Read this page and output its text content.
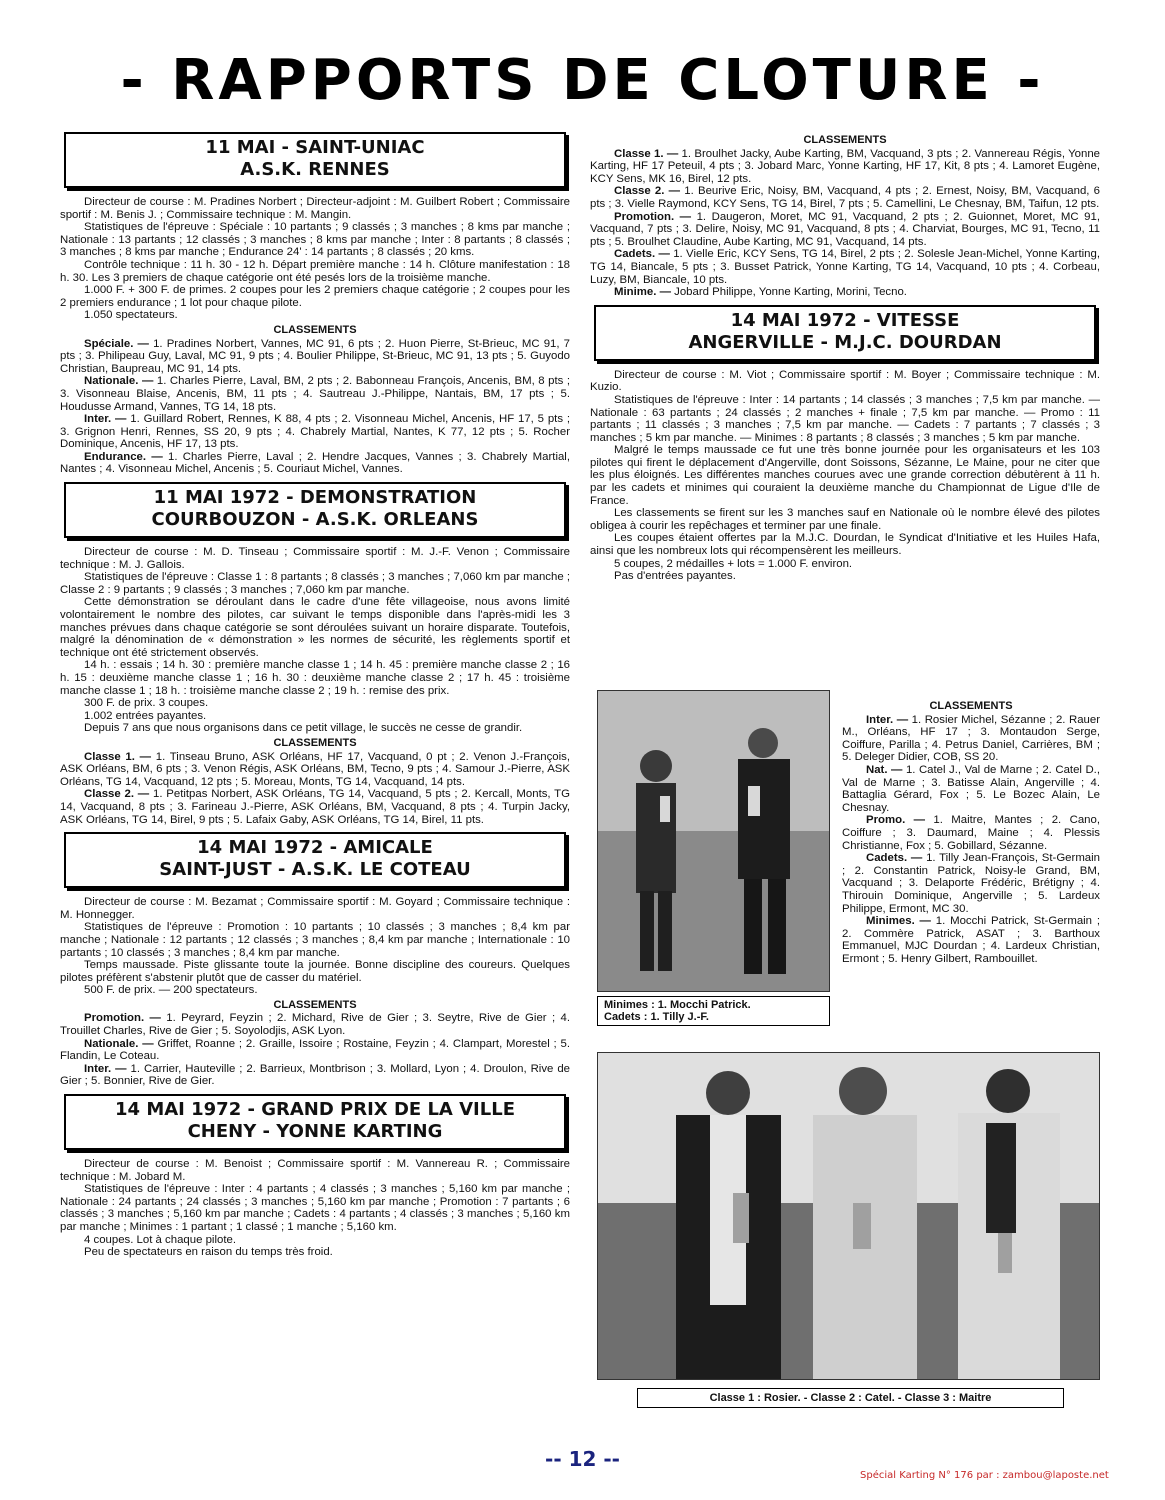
- RAPPORTS DE CLOTURE -
11 MAI - SAINT-UNIAC
A.S.K. RENNES

Directeur de course : M. Pradines Norbert ; Directeur-adjoint : M. Guilbert Robert ; Commissaire sportif : M. Benis J. ; Commissaire technique : M. Mangin.

Statistiques de l'épreuve : Spéciale : 10 partants ; 9 classés ; 3 manches ; 8 kms par manche ; Nationale : 13 partants ; 12 classés ; 3 manches ; 8 kms par manche ; Inter : 8 partants ; 8 classés ; 3 manches ; 8 kms par manche ; Endurance 24' : 14 partants ; 8 classés ; 20 kms.

Contrôle technique : 11 h. 30 - 12 h. Départ première manche : 14 h. Clôture manifestation : 18 h. 30. Les 3 premiers de chaque catégorie ont été pesés lors de la troisième manche.

1.000 F. + 300 F. de primes. 2 coupes pour les 2 premiers chaque catégorie ; 2 coupes pour les 2 premiers endurance ; 1 lot pour chaque pilote.

1.050 spectateurs.

CLASSEMENTS

Spéciale. — 1. Pradines Norbert, Vannes, MC 91, 6 pts ; 2. Huon Pierre, St-Brieuc, MC 91, 7 pts ; 3. Philipeau Guy, Laval, MC 91, 9 pts ; 4. Boulier Philippe, St-Brieuc, MC 91, 13 pts ; 5. Guyodo Christian, Baupreau, MC 91, 14 pts.

Nationale. — 1. Charles Pierre, Laval, BM, 2 pts ; 2. Babonneau François, Ancenis, BM, 8 pts ; 3. Visonneau Blaise, Ancenis, BM, 11 pts ; 4. Sautreau J.-Philippe, Nantais, BM, 17 pts ; 5. Houdusse Armand, Vannes, TG 14, 18 pts.

Inter. — 1. Guillard Robert, Rennes, K 88, 4 pts ; 2. Visonneau Michel, Ancenis, HF 17, 5 pts ; 3. Grignon Henri, Rennes, SS 20, 9 pts ; 4. Chabrely Martial, Nantes, K 77, 12 pts ; 5. Rocher Dominique, Ancenis, HF 17, 13 pts.

Endurance. — 1. Charles Pierre, Laval ; 2. Hendre Jacques, Vannes ; 3. Chabrely Martial, Nantes ; 4. Visonneau Michel, Ancenis ; 5. Couriaut Michel, Vannes.

11 MAI 1972 - DEMONSTRATION
COURBOUZON - A.S.K. ORLEANS

Directeur de course : M. D. Tinseau ; Commissaire sportif : M. J.-F. Venon ; Commissaire technique : M. J. Gallois.

Statistiques de l'épreuve : Classe 1 : 8 partants ; 8 classés ; 3 manches ; 7,060 km par manche ; Classe 2 : 9 partants ; 9 classés ; 3 manches ; 7,060 km par manche.

Cette démonstration se déroulant dans le cadre d'une fête villageoise, nous avons limité volontairement le nombre des pilotes, car suivant le temps disponible dans l'après-midi les 3 manches prévues dans chaque catégorie se sont déroulées suivant un horaire disparate. Toutefois, malgré la dénomination de « démonstration » les normes de sécurité, les règlements sportif et technique ont été strictement observés.

14 h. : essais ; 14 h. 30 : première manche classe 1 ; 14 h. 45 : première manche classe 2 ; 16 h. 15 : deuxième manche classe 1 ; 16 h. 30 : deuxième manche classe 2 ; 17 h. 45 : troisième manche classe 1 ; 18 h. : troisième manche classe 2 ; 19 h. : remise des prix.

300 F. de prix. 3 coupes.

1.002 entrées payantes.

Depuis 7 ans que nous organisons dans ce petit village, le succès ne cesse de grandir.

CLASSEMENTS

Classe 1. — 1. Tinseau Bruno, ASK Orléans, HF 17, Vacquand, 0 pt ; 2. Venon J.-François, ASK Orléans, BM, 6 pts ; 3. Venon Régis, ASK Orléans, BM, Tecno, 9 pts ; 4. Samour J.-Pierre, ASK Orléans, TG 14, Vacquand, 12 pts ; 5. Moreau, Monts, TG 14, Vacquand, 14 pts.

Classe 2. — 1. Petitpas Norbert, ASK Orléans, TG 14, Vacquand, 5 pts ; 2. Kercall, Monts, TG 14, Vacquand, 8 pts ; 3. Farineau J.-Pierre, ASK Orléans, BM, Vacquand, 8 pts ; 4. Turpin Jacky, ASK Orléans, TG 14, Birel, 9 pts ; 5. Lafaix Gaby, ASK Orléans, TG 14, Birel, 11 pts.

14 MAI 1972 - AMICALE
SAINT-JUST - A.S.K. LE COTEAU

Directeur de course : M. Bezamat ; Commissaire sportif : M. Goyard ; Commissaire technique : M. Honnegger.

Statistiques de l'épreuve : Promotion : 10 partants ; 10 classés ; 3 manches ; 8,4 km par manche ; Nationale : 12 partants ; 12 classés ; 3 manches ; 8,4 km par manche ; Internationale : 10 partants ; 10 classés ; 3 manches ; 8,4 km par manche.

Temps maussade. Piste glissante toute la journée. Bonne discipline des coureurs. Quelques pilotes préfèrent s'abstenir plutôt que de casser du matériel.

500 F. de prix. — 200 spectateurs.

CLASSEMENTS

Promotion. — 1. Peyrard, Feyzin ; 2. Michard, Rive de Gier ; 3. Seytre, Rive de Gier ; 4. Trouillet Charles, Rive de Gier ; 5. Soyolodjis, ASK Lyon.

Nationale. — Griffet, Roanne ; 2. Graille, Issoire ; Rostaine, Feyzin ; 4. Clampart, Morestel ; 5. Flandin, Le Coteau.

Inter. — 1. Carrier, Hauteville ; 2. Barrieux, Montbrison ; 3. Mollard, Lyon ; 4. Droulon, Rive de Gier ; 5. Bonnier, Rive de Gier.

14 MAI 1972 - GRAND PRIX DE LA VILLE
CHENY - YONNE KARTING

Directeur de course : M. Benoist ; Commissaire sportif : M. Vannereau R. ; Commissaire technique : M. Jobard M.

Statistiques de l'épreuve : Inter : 4 partants ; 4 classés ; 3 manches ; 5,160 km par manche ; Nationale : 24 partants ; 24 classés ; 3 manches ; 5,160 km par manche ; Promotion : 7 partants ; 6 classés ; 3 manches ; 5,160 km par manche ; Cadets : 4 partants ; 4 classés ; 3 manches ; 5,160 km par manche ; Minimes : 1 partant ; 1 classé ; 1 manche ; 5,160 km.

4 coupes. Lot à chaque pilote.

Peu de spectateurs en raison du temps très froid.

CLASSEMENTS

Classe 1. — 1. Broulhet Jacky, Aube Karting, BM, Vacquand, 3 pts ; 2. Vannereau Régis, Yonne Karting, HF 17 Peteuil, 4 pts ; 3. Jobard Marc, Yonne Karting, HF 17, Kit, 8 pts ; 4. Lamoret Eugène, KCY Sens, MK 16, Birel, 12 pts.

Classe 2. — 1. Beurive Eric, Noisy, BM, Vacquand, 4 pts ; 2. Ernest, Noisy, BM, Vacquand, 6 pts ; 3. Vielle Raymond, KCY Sens, TG 14, Birel, 7 pts ; 5. Camellini, Le Chesnay, BM, Taifun, 12 pts.

Promotion. — 1. Daugeron, Moret, MC 91, Vacquand, 2 pts ; 2. Guionnet, Moret, MC 91, Vacquand, 7 pts ; 3. Delire, Noisy, MC 91, Vacquand, 8 pts ; 4. Charviat, Bourges, MC 91, Tecno, 11 pts ; 5. Broulhet Claudine, Aube Karting, MC 91, Vacquand, 14 pts.

Cadets. — 1. Vielle Eric, KCY Sens, TG 14, Birel, 2 pts ; 2. Solesle Jean-Michel, Yonne Karting, TG 14, Biancale, 5 pts ; 3. Busset Patrick, Yonne Karting, TG 14, Vacquand, 10 pts ; 4. Corbeau, Luzy, BM, Biancale, 10 pts.

Minime. — Jobard Philippe, Yonne Karting, Morini, Tecno.

14 MAI 1972 - VITESSE
ANGERVILLE - M.J.C. DOURDAN

Directeur de course : M. Viot ; Commissaire sportif : M. Boyer ; Commissaire technique : M. Kuzio.

Statistiques de l'épreuve : Inter : 14 partants ; 14 classés ; 3 manches ; 7,5 km par manche. — Nationale : 63 partants ; 24 classés ; 2 manches + finale ; 7,5 km par manche. — Promo : 11 partants ; 11 classés ; 3 manches ; 7,5 km par manche. — Cadets : 7 partants ; 7 classés ; 3 manches ; 5 km par manche. — Minimes : 8 partants ; 8 classés ; 3 manches ; 5 km par manche.

Malgré le temps maussade ce fut une très bonne journée pour les organisateurs et les 103 pilotes qui firent le déplacement d'Angerville, dont Soissons, Sézanne, Le Maine, pour ne citer que les plus éloignés. Les différentes manches courues avec une grande correction débutèrent à 11 h. par les cadets et minimes qui couraient la deuxième manche du Championnat de Ligue d'Ile de France.

Les classements se firent sur les 3 manches sauf en Nationale où le nombre élevé des pilotes obligea à courir les repêchages et terminer par une finale.

Les coupes étaient offertes par la M.J.C. Dourdan, le Syndicat d'Initiative et les Huiles Hafa, ainsi que les nombreux lots qui récompensèrent les meilleurs.

5 coupes, 2 médailles + lots = 1.000 F. environ.

Pas d'entrées payantes.

Minimes : 1. Mocchi Patrick.
Cadets : 1. Tilly J.-F.
CLASSEMENTS

Inter. — 1. Rosier Michel, Sézanne ; 2. Rauer M., Orléans, HF 17 ; 3. Montaudon Serge, Coiffure, Parilla ; 4. Petrus Daniel, Carrières, BM ; 5. Deleger Didier, COB, SS 20.

Nat. — 1. Catel J., Val de Marne ; 2. Catel D., Val de Marne ; 3. Batisse Alain, Angerville ; 4. Battaglia Gérard, Fox ; 5. Le Bozec Alain, Le Chesnay.

Promo. — 1. Maitre, Mantes ; 2. Cano, Coiffure ; 3. Daumard, Maine ; 4. Plessis Christianne, Fox ; 5. Gobillard, Sézanne.

Cadets. — 1. Tilly Jean-François, St-Germain ; 2. Constantin Patrick, Noisy-le Grand, BM, Vacquand ; 3. Delaporte Frédéric, Brétigny ; 4. Thirouin Dominique, Angerville ; 5. Lardeux Philippe, Ermont, MC 30.

Minimes. — 1. Mocchi Patrick, St-Germain ; 2. Commère Patrick, ASAT ; 3. Barthoux Emmanuel, MJC Dourdan ; 4. Lardeux Christian, Ermont ; 5. Henry Gilbert, Rambouillet.

Classe 1 : Rosier. - Classe 2 : Catel. - Classe 3 : Maitre
-- 12 --
Spécial Karting N° 176 par : zambou@laposte.net
